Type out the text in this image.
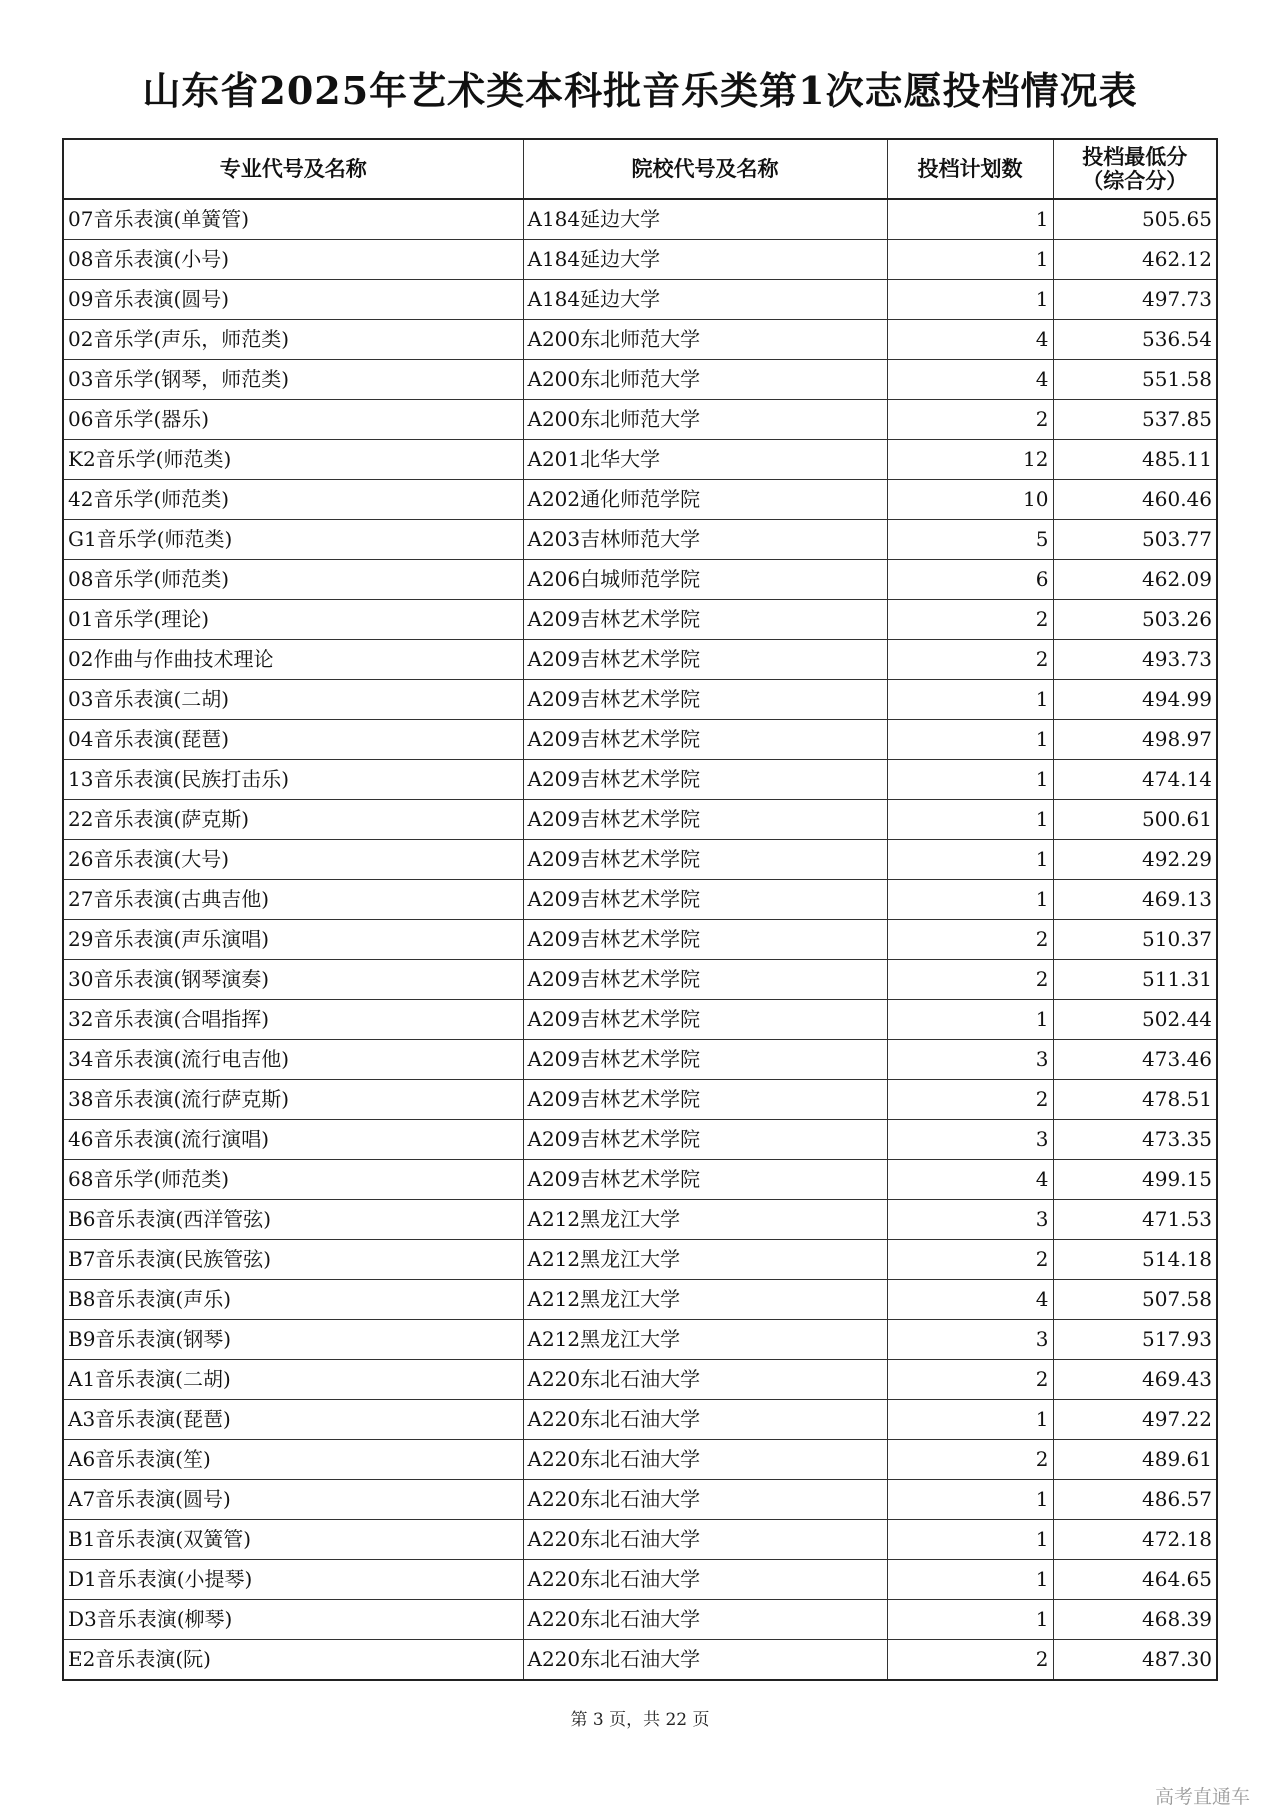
山东省2025年艺术类本科批音乐类第1次志愿投档情况表
专业代号及名称	院校代号及名称	投档计划数	投档最低分
（综合分）

07音乐表演(单簧管)	A184延边大学	1	505.65
08音乐表演(小号)	A184延边大学	1	462.12
09音乐表演(圆号)	A184延边大学	1	497.73
02音乐学(声乐，师范类)	A200东北师范大学	4	536.54
03音乐学(钢琴，师范类)	A200东北师范大学	4	551.58
06音乐学(器乐)	A200东北师范大学	2	537.85
K2音乐学(师范类)	A201北华大学	12	485.11
42音乐学(师范类)	A202通化师范学院	10	460.46
G1音乐学(师范类)	A203吉林师范大学	5	503.77
08音乐学(师范类)	A206白城师范学院	6	462.09
01音乐学(理论)	A209吉林艺术学院	2	503.26
02作曲与作曲技术理论	A209吉林艺术学院	2	493.73
03音乐表演(二胡)	A209吉林艺术学院	1	494.99
04音乐表演(琵琶)	A209吉林艺术学院	1	498.97
13音乐表演(民族打击乐)	A209吉林艺术学院	1	474.14
22音乐表演(萨克斯)	A209吉林艺术学院	1	500.61
26音乐表演(大号)	A209吉林艺术学院	1	492.29
27音乐表演(古典吉他)	A209吉林艺术学院	1	469.13
29音乐表演(声乐演唱)	A209吉林艺术学院	2	510.37
30音乐表演(钢琴演奏)	A209吉林艺术学院	2	511.31
32音乐表演(合唱指挥)	A209吉林艺术学院	1	502.44
34音乐表演(流行电吉他)	A209吉林艺术学院	3	473.46
38音乐表演(流行萨克斯)	A209吉林艺术学院	2	478.51
46音乐表演(流行演唱)	A209吉林艺术学院	3	473.35
68音乐学(师范类)	A209吉林艺术学院	4	499.15
B6音乐表演(西洋管弦)	A212黑龙江大学	3	471.53
B7音乐表演(民族管弦)	A212黑龙江大学	2	514.18
B8音乐表演(声乐)	A212黑龙江大学	4	507.58
B9音乐表演(钢琴)	A212黑龙江大学	3	517.93
A1音乐表演(二胡)	A220东北石油大学	2	469.43
A3音乐表演(琵琶)	A220东北石油大学	1	497.22
A6音乐表演(笙)	A220东北石油大学	2	489.61
A7音乐表演(圆号)	A220东北石油大学	1	486.57
B1音乐表演(双簧管)	A220东北石油大学	1	472.18
D1音乐表演(小提琴)	A220东北石油大学	1	464.65
D3音乐表演(柳琴)	A220东北石油大学	1	468.39
E2音乐表演(阮)	A220东北石油大学	2	487.30
第 3 页，共 22 页
高考直通车
